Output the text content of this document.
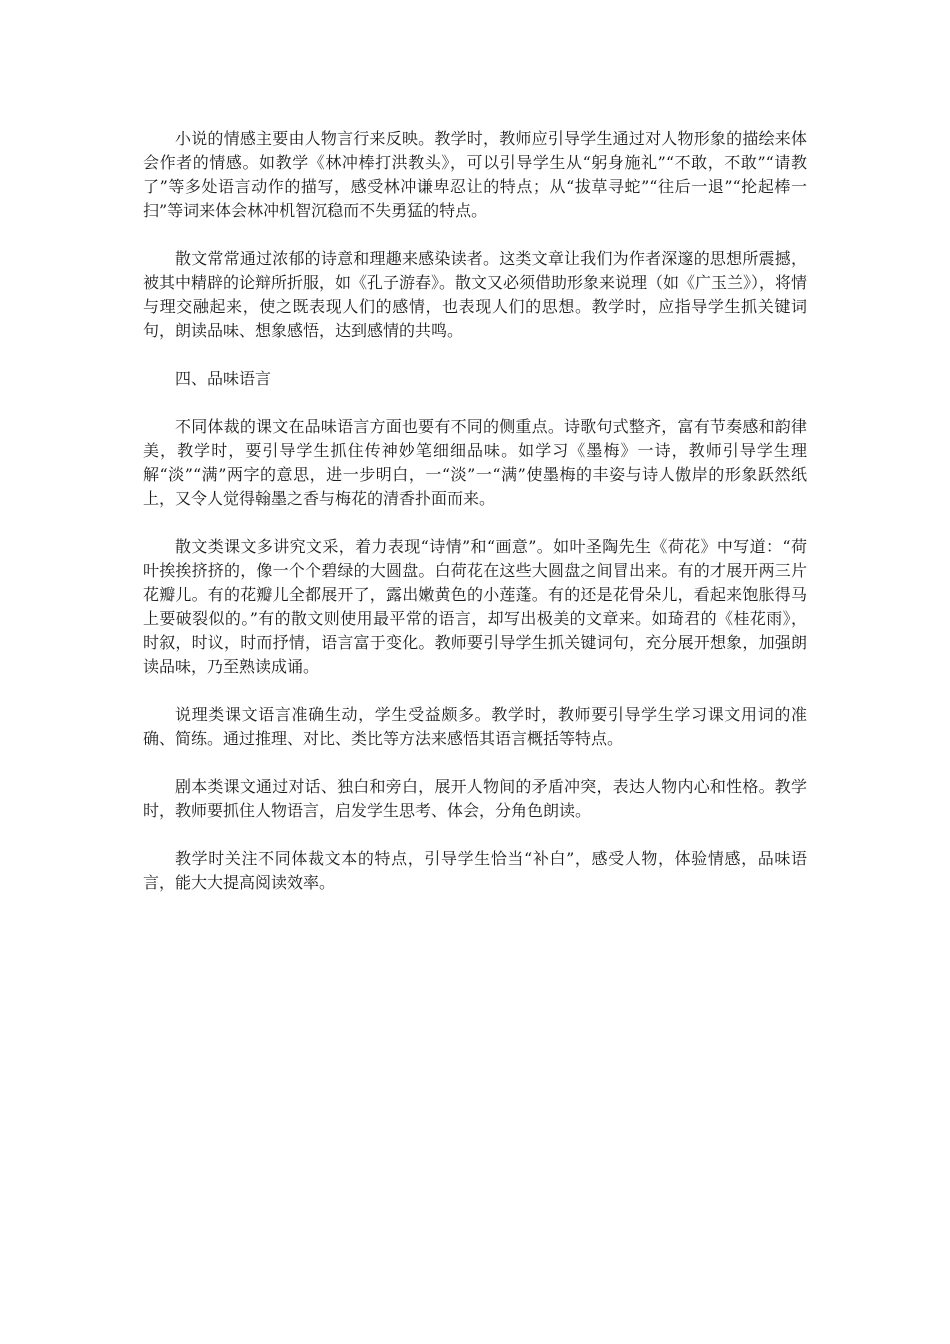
小说的情感主要由人物言行来反映。教学时，教师应引导学生通过对人物形象的描绘来体会作者的情感。如教学《林冲棒打洪教头》，可以引导学生从“躬身施礼”“不敢，不敢”“请教了”等多处语言动作的描写，感受林冲谦卑忍让的特点；从“拔草寻蛇”“往后一退”“抡起棒一扫”等词来体会林冲机智沉稳而不失勇猛的特点。

散文常常通过浓郁的诗意和理趣来感染读者。这类文章让我们为作者深邃的思想所震撼，被其中精辟的论辩所折服，如《孔子游春》。散文又必须借助形象来说理（如《广玉兰》），将情与理交融起来，使之既表现人们的感情，也表现人们的思想。教学时，应指导学生抓关键词句，朗读品味、想象感悟，达到感情的共鸣。

四、品味语言

不同体裁的课文在品味语言方面也要有不同的侧重点。诗歌句式整齐，富有节奏感和韵律美，教学时，要引导学生抓住传神妙笔细细品味。如学习《墨梅》一诗，教师引导学生理解“淡”“满”两字的意思，进一步明白，一“淡”一“满”使墨梅的丰姿与诗人傲岸的形象跃然纸上，又令人觉得翰墨之香与梅花的清香扑面而来。

散文类课文多讲究文采，着力表现“诗情”和“画意”。如叶圣陶先生《荷花》中写道：“荷叶挨挨挤挤的，像一个个碧绿的大圆盘。白荷花在这些大圆盘之间冒出来。有的才展开两三片花瓣儿。有的花瓣儿全都展开了，露出嫩黄色的小莲蓬。有的还是花骨朵儿，看起来饱胀得马上要破裂似的。”有的散文则使用最平常的语言，却写出极美的文章来。如琦君的《桂花雨》，时叙，时议，时而抒情，语言富于变化。教师要引导学生抓关键词句，充分展开想象，加强朗读品味，乃至熟读成诵。

说理类课文语言准确生动，学生受益颇多。教学时，教师要引导学生学习课文用词的准确、简练。通过推理、对比、类比等方法来感悟其语言概括等特点。

剧本类课文通过对话、独白和旁白，展开人物间的矛盾冲突，表达人物内心和性格。教学时，教师要抓住人物语言，启发学生思考、体会，分角色朗读。

教学时关注不同体裁文本的特点，引导学生恰当“补白”，感受人物，体验情感，品味语言，能大大提高阅读效率。
